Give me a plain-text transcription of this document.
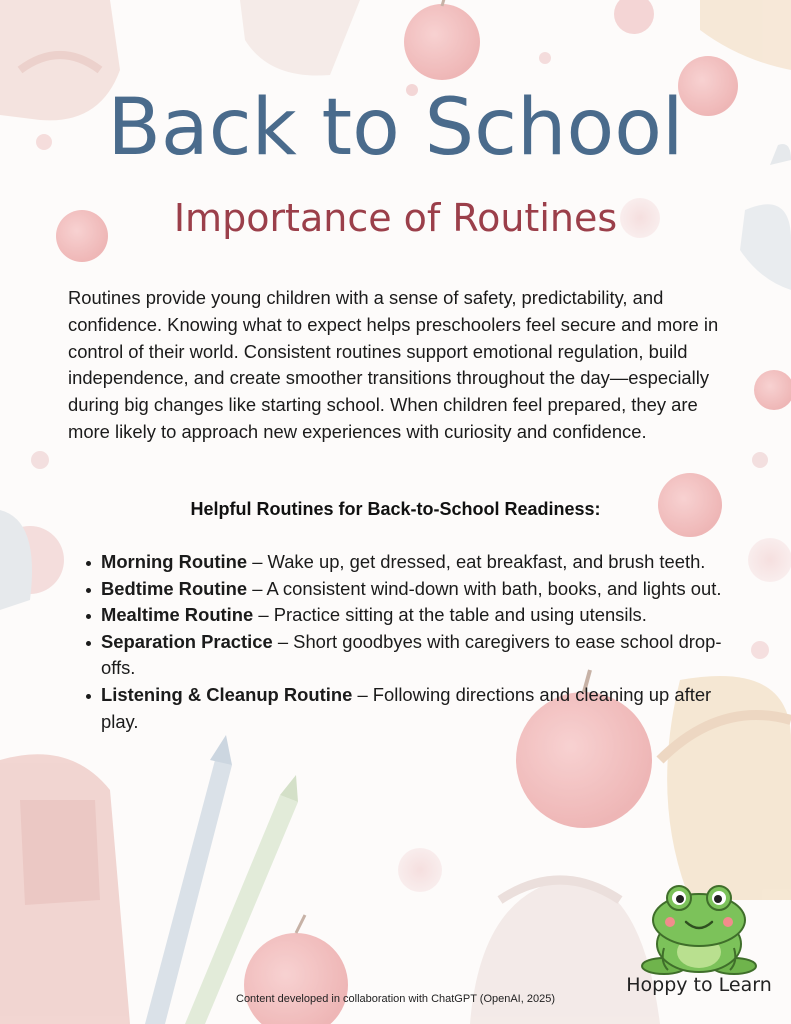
Back to School
Importance of Routines

Routines provide young children with a sense of safety, predictability, and confidence. Knowing what to expect helps preschoolers feel secure and more in control of their world. Consistent routines support emotional regulation, build independence, and create smoother transitions throughout the day—especially during big changes like starting school. When children feel prepared, they are more likely to approach new experiences with curiosity and confidence.

Helpful Routines for Back-to-School Readiness:
Morning Routine – Wake up, get dressed, eat breakfast, and brush teeth.
Bedtime Routine – A consistent wind-down with bath, books, and lights out.
Mealtime Routine – Practice sitting at the table and using utensils.
Separation Practice – Short goodbyes with caregivers to ease school drop-offs.
Listening & Cleanup Routine – Following directions and cleaning up after play.

Content developed in collaboration with ChatGPT (OpenAI, 2025)

Hoppy to Learn
